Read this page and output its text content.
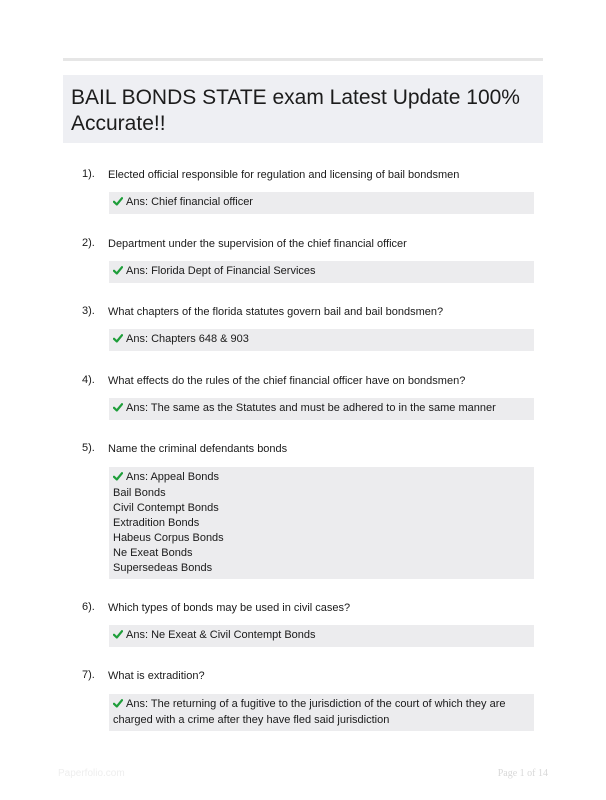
BAIL BONDS STATE exam Latest Update 100% Accurate!!
1). Elected official responsible for regulation and licensing of bail bondsmen
Ans: Chief financial officer
2). Department under the supervision of the chief financial officer
Ans: Florida Dept of Financial Services
3). What chapters of the florida statutes govern bail and bail bondsmen?
Ans: Chapters 648 & 903
4). What effects do the rules of the chief financial officer have on bondsmen?
Ans: The same as the Statutes and must be adhered to in the same manner
5). Name the criminal defendants bonds
Ans: Appeal Bonds
Bail Bonds
Civil Contempt Bonds
Extradition Bonds
Habeus Corpus Bonds
Ne Exeat Bonds
Supersedeas Bonds
6). Which types of bonds may be used in civil cases?
Ans: Ne Exeat & Civil Contempt Bonds
7). What is extradition?
Ans: The returning of a fugitive to the jurisdiction of the court of which they are charged with a crime after they have fled said jurisdiction
Paperfolio.com	Page 1 of 14
